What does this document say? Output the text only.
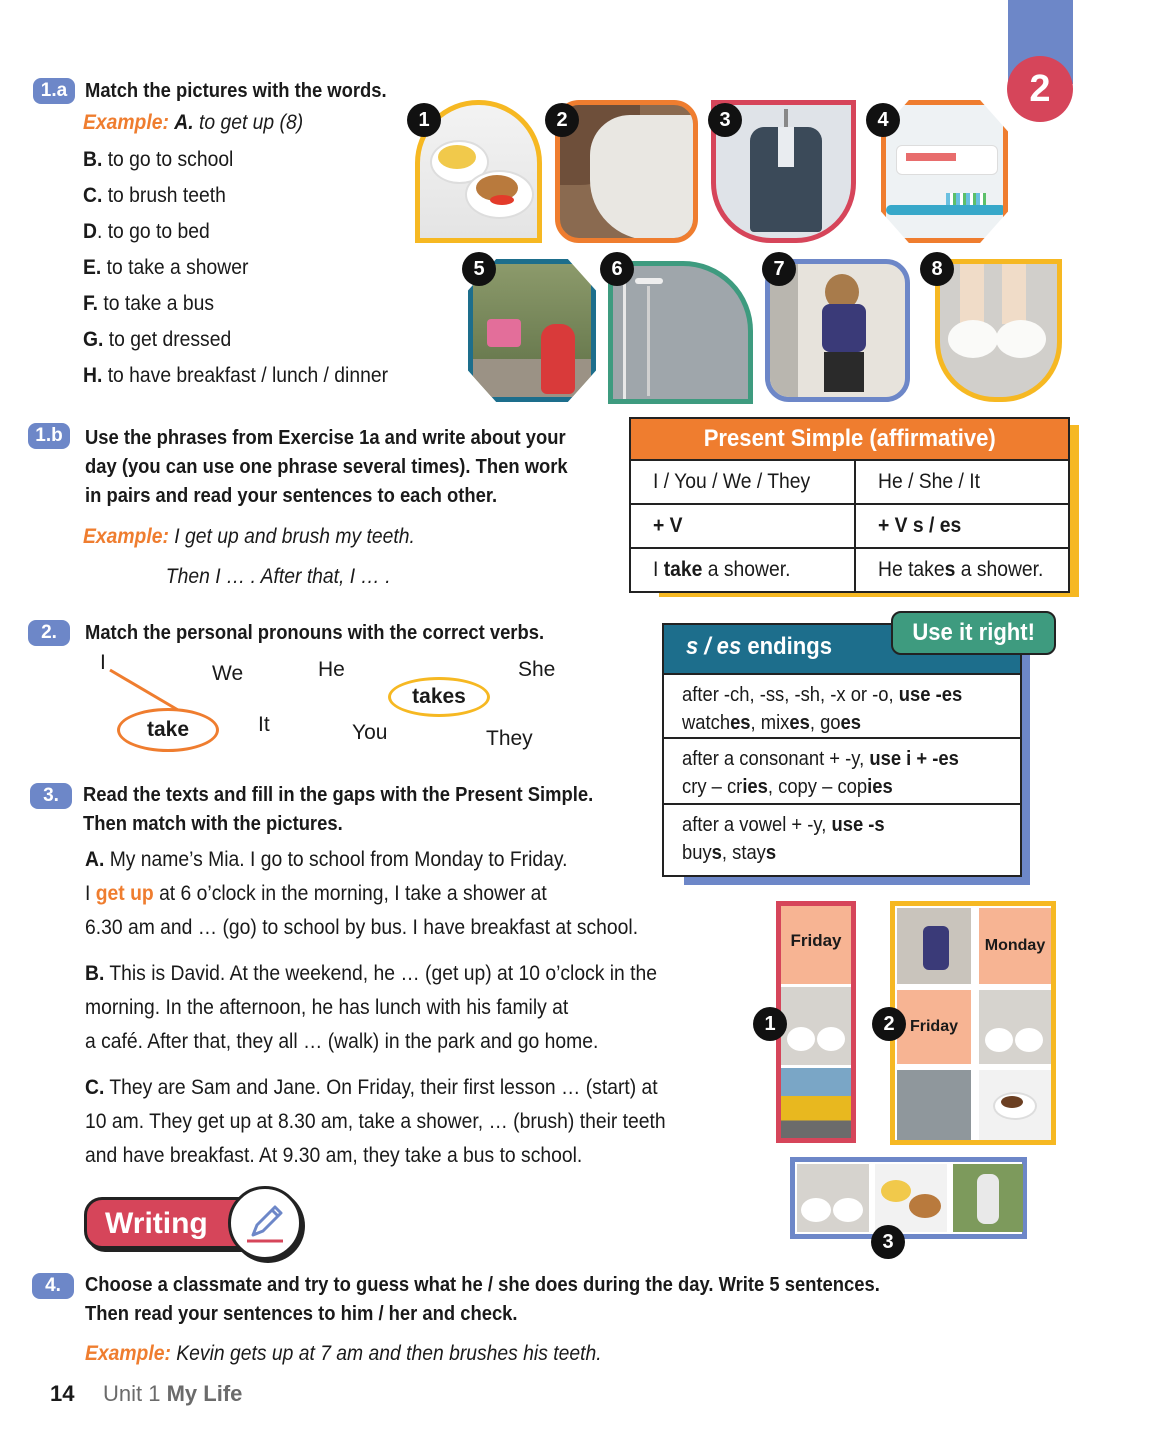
2
1.a Match the pictures with the words.
Example: A. to get up (8)
B. to go to school
C. to brush teeth
D. to go to bed
E. to take a shower
F. to take a bus
G. to get dressed
H. to have breakfast / lunch / dinner
1	2	3	4
5	6	7	8
1.b	Use the phrases from Exercise 1a and write about your
day (you can use one phrase several times). Then work
in pairs and read your sentences to each other.
Example: I get up and brush my teeth.
Then I … . After that, I … .
Present Simple (affirmative)
I / You / We / They	He / She / It
+ V	+ V s / es
I take a shower.	He takes a shower.
2.	Match the personal pronouns with the correct verbs.
I	We	He	She
takes
take	It	You	They
s / es endings
after -ch, -ss, -sh, -x or -o, use -es
watches, mixes, goes
after a consonant + -y, use i + -es
cry – cries, copy – copies
after a vowel + -y, use -s
buys, stays
Use it right!
3.	Read the texts and fill in the gaps with the Present Simple.
Then match with the pictures.
A. My name’s Mia. I go to school from Monday to Friday.
I get up at 6 o’clock in the morning, I take a shower at
6.30 am and … (go) to school by bus. I have breakfast at school.
B. This is David. At the weekend, he … (get up) at 10 o’clock in the
morning. In the afternoon, he has lunch with his family at
a café. After that, they all … (walk) in the park and go home.
C. They are Sam and Jane. On Friday, their first lesson … (start) at
10 am. They get up at 8.30 am, take a shower, … (brush) their teeth
and have breakfast. At 9.30 am, they take a bus to school.
Friday	Monday
Friday
1	2
3
Writing
4.	Choose a classmate and try to guess what he / she does during the day. Write 5 sentences.
Then read your sentences to him / her and check.
Example: Kevin gets up at 7 am and then brushes his teeth.
14 Unit 1 My Life
